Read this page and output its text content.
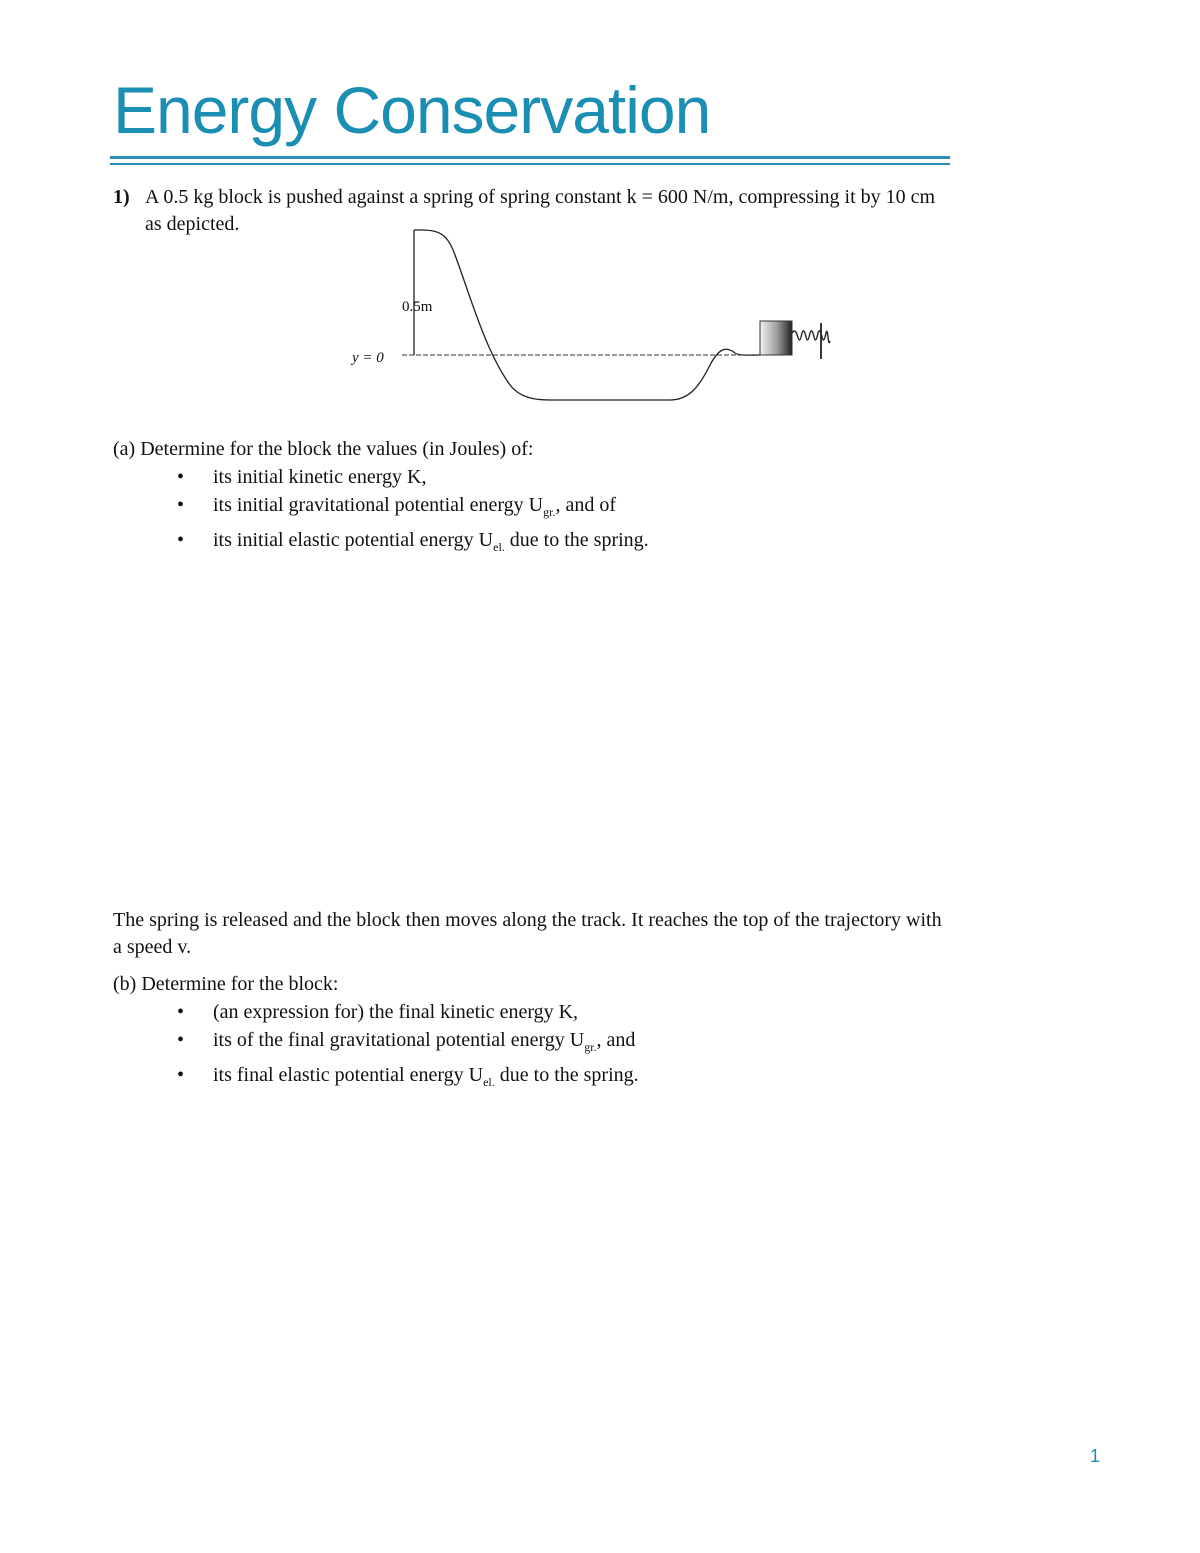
Energy Conservation
1) A 0.5 kg block is pushed against a spring of spring constant k = 600 N/m, compressing it by 10 cm
as depicted.
0.5m
y = 0

(a) Determine for the block the values (in Joules) of:

• its initial kinetic energy K,
• its initial gravitational potential energy $U_{gr.}$, and of
• its initial elastic potential energy $U_{el.}$ due to the spring.

The spring is released and the block then moves along the track. It reaches the top of the trajectory with

a speed v.

(b) Determine for the block:

• (an expression for) the final kinetic energy K,
• its of the final gravitational potential energy $U_{gr.}$, and
• its final elastic potential energy $U_{el.}$ due to the spring.
1
